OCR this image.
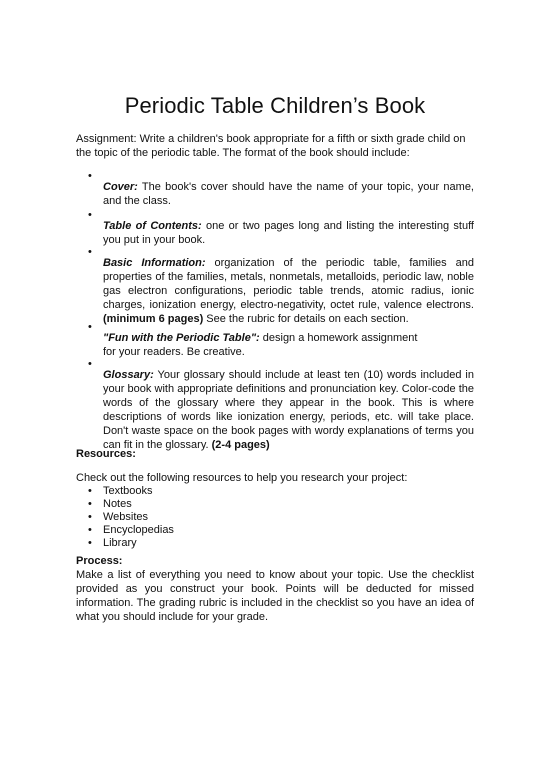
Periodic Table Children’s Book

Assignment: Write a children's book appropriate for a fifth or sixth grade child on the topic of the periodic table. The format of the book should include:

•

Cover: The book's cover should have the name of your topic, your name, and the class.

•

Table of Contents: one or two pages long and listing the interesting stuff you put in your book.

•

Basic Information: organization of the periodic table, families and properties of the families, metals, nonmetals, metalloids, periodic law, noble gas electron configurations, periodic table trends, atomic radius, ionic charges, ionization energy, electro-negativity, octet rule, valence electrons. (minimum 6 pages) See the rubric for details on each section.

•

"Fun with the Periodic Table": design a homework assignment for your readers. Be creative.

•

Glossary: Your glossary should include at least ten (10) words included in your book with appropriate definitions and pronunciation key. Color-code the words of the glossary where they appear in the book. This is where descriptions of words like ionization energy, periods, etc. will take place. Don't waste space on the book pages with wordy explanations of terms you can fit in the glossary. (2-4 pages)

Resources:

Check out the following resources to help you research your project:

• Textbooks
• Notes
• Websites
• Encyclopedias
• Library

Process:

Make a list of everything you need to know about your topic. Use the checklist provided as you construct your book. Points will be deducted for missed information. The grading rubric is included in the checklist so you have an idea of what you should include for your grade.
